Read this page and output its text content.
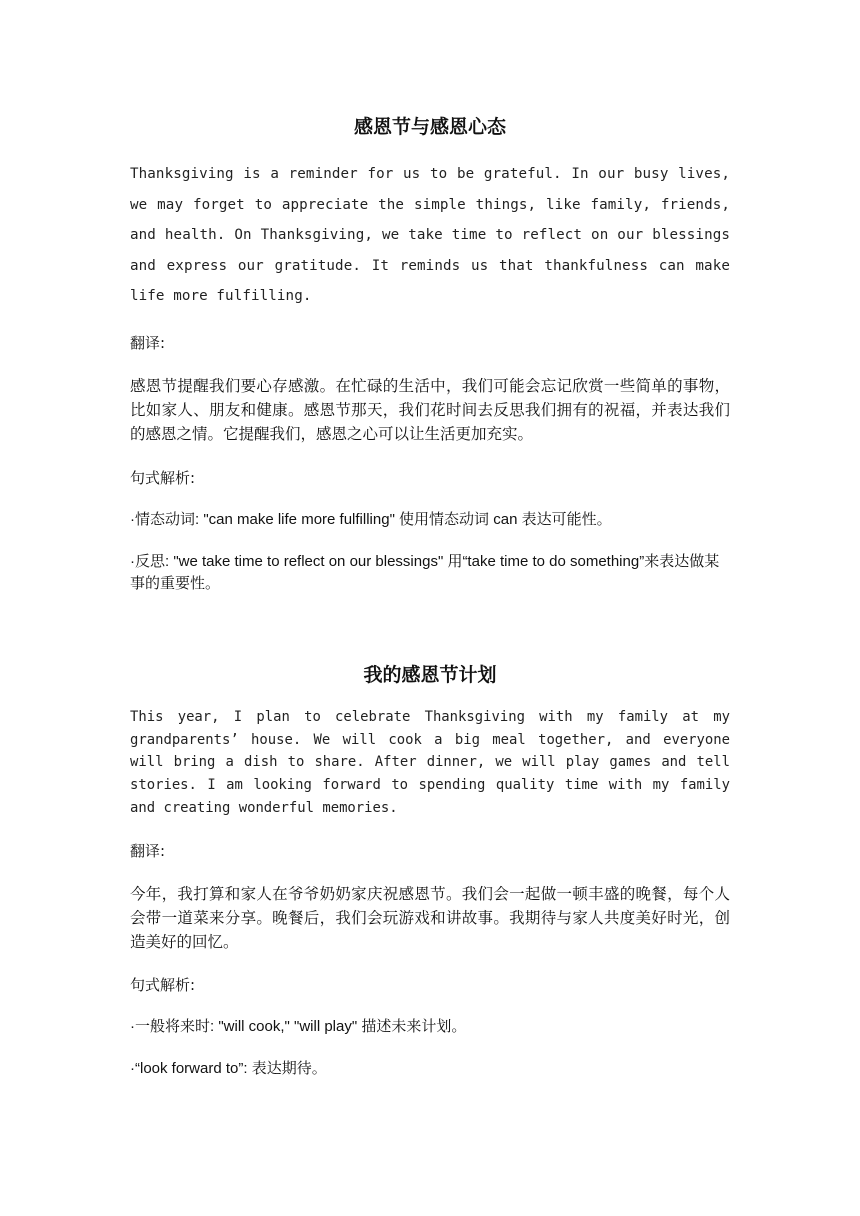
感恩节与感恩心态

Thanksgiving is a reminder for us to be grateful. In our busy lives, we may forget to appreciate the simple things, like family, friends, and health. On Thanksgiving, we take time to reflect on our blessings and express our gratitude. It reminds us that thankfulness can make life more fulfilling.

翻译:

感恩节提醒我们要心存感激。在忙碌的生活中，我们可能会忘记欣赏一些简单的事物，比如家人、朋友和健康。感恩节那天，我们花时间去反思我们拥有的祝福，并表达我们的感恩之情。它提醒我们，感恩之心可以让生活更加充实。

句式解析:

·情态动词: "can make life more fulfilling" 使用情态动词 can 表达可能性。

·反思: "we take time to reflect on our blessings" 用“take time to do something”来表达做某事的重要性。

我的感恩节计划

This year, I plan to celebrate Thanksgiving with my family at my grandparents’ house. We will cook a big meal together, and everyone will bring a dish to share. After dinner, we will play games and tell stories. I am looking forward to spending quality time with my family and creating wonderful memories.

翻译:

今年，我打算和家人在爷爷奶奶家庆祝感恩节。我们会一起做一顿丰盛的晚餐，每个人会带一道菜来分享。晚餐后，我们会玩游戏和讲故事。我期待与家人共度美好时光，创造美好的回忆。

句式解析:

·一般将来时: "will cook," "will play" 描述未来计划。

·“look forward to”: 表达期待。
